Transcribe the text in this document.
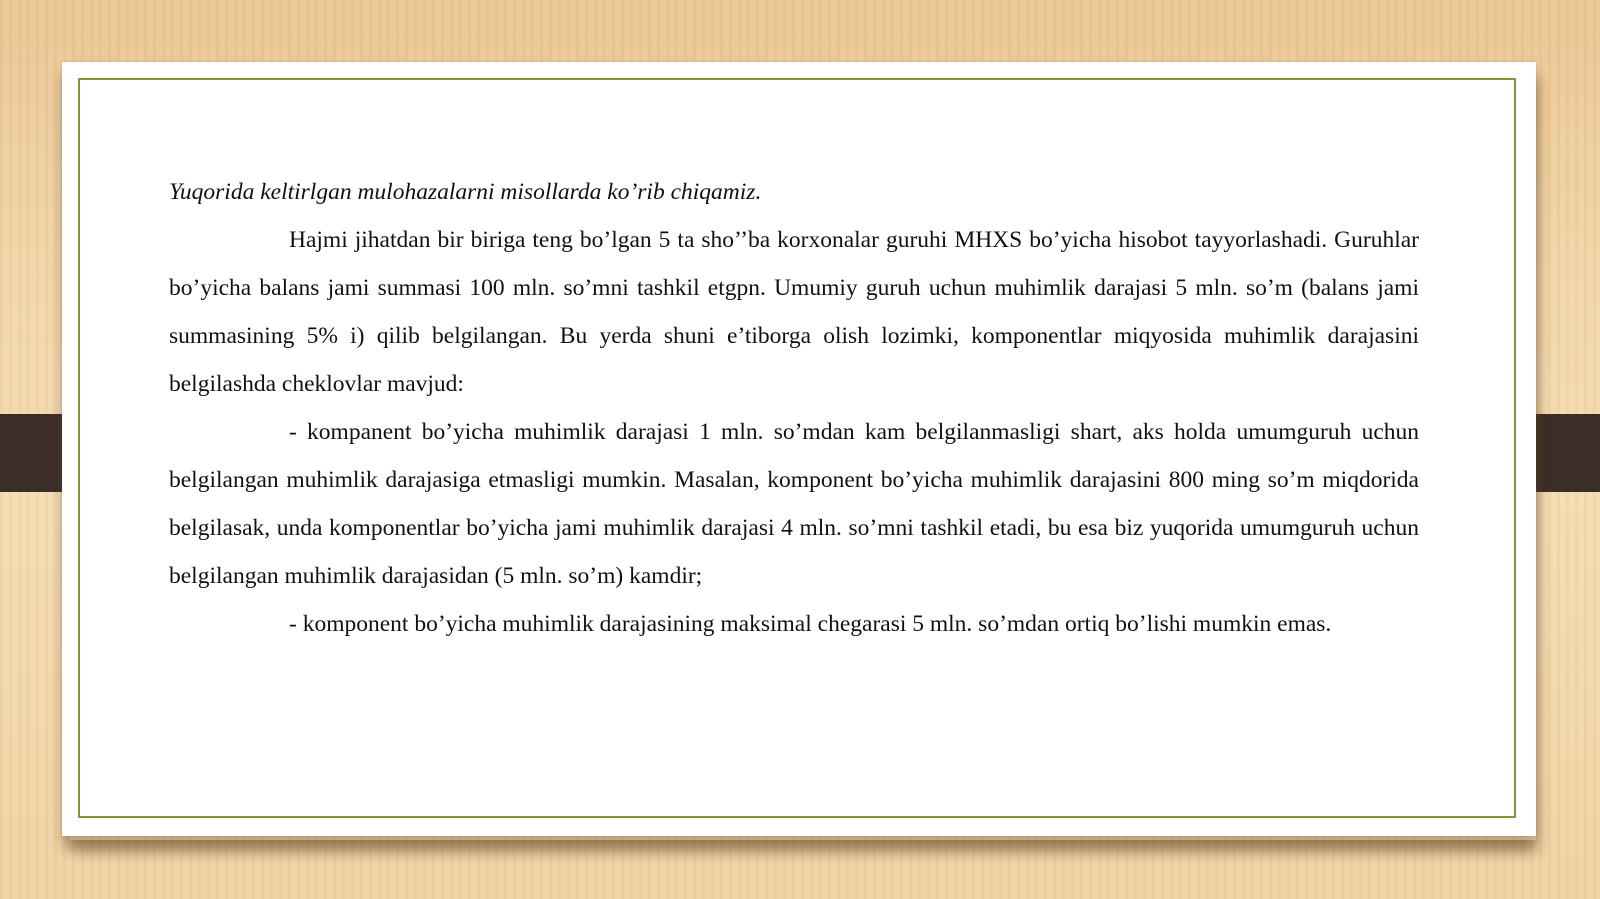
Yuqorida keltirlgan mulohazalarni misollarda ko’rib chiqamiz.

Hajmi jihatdan bir biriga teng bo’lgan 5 ta sho’’ba korxonalar guruhi MHXS bo’yicha hisobot tayyorlashadi. Guruhlar bo’yicha balans jami summasi 100 mln. so’mni tashkil etgpn. Umumiy guruh uchun muhimlik darajasi 5 mln. so’m (balans jami summasining 5% i) qilib belgilangan. Bu yerda shuni e’tiborga olish lozimki, komponentlar miqyosida muhimlik darajasini belgilashda cheklovlar mavjud:

- kompanent bo’yicha muhimlik darajasi 1 mln. so’mdan kam belgilanmasligi shart, aks holda umumguruh uchun belgilangan muhimlik darajasiga etmasligi mumkin. Masalan, komponent bo’yicha muhimlik darajasini 800 ming so’m miqdorida belgilasak, unda komponentlar bo’yicha jami muhimlik darajasi 4 mln. so’mni tashkil etadi, bu esa biz yuqorida umumguruh uchun belgilangan muhimlik darajasidan (5 mln. so’m) kamdir;

- komponent bo’yicha muhimlik darajasining maksimal chegarasi 5 mln. so’mdan ortiq bo’lishi mumkin emas.
